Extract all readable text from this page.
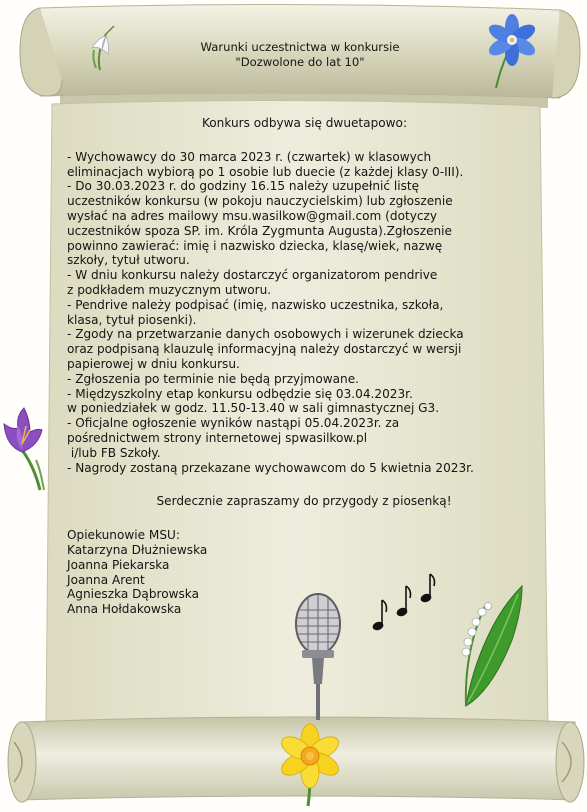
Warunki uczestnictwa w konkursie
"Dozwolone do lat 10"

Konkurs odbywa się dwuetapowo:

- Wychowawcy do 30 marca 2023 r. (czwartek) w klasowych
eliminacjach wybiorą po 1 osobie lub duecie (z każdej klasy 0-III).

- Do 30.03.2023 r. do godziny 16.15 należy uzupełnić listę
uczestników konkursu (w pokoju nauczycielskim) lub zgłoszenie
wysłać na adres mailowy msu.wasilkow@gmail.com (dotyczy
uczestników spoza SP. im. Króla Zygmunta Augusta).Zgłoszenie
powinno zawierać: imię i nazwisko dziecka, klasę/wiek, nazwę
szkoły, tytuł utworu.

- W dniu konkursu należy dostarczyć organizatorom pendrive
z podkładem muzycznym utworu.

- Pendrive należy podpisać (imię, nazwisko uczestnika, szkoła,
klasa, tytuł piosenki).

- Zgody na przetwarzanie danych osobowych i wizerunek dziecka
oraz podpisaną klauzulę informacyjną należy dostarczyć w wersji
papierowej w dniu konkursu.

- Zgłoszenia po terminie nie będą przyjmowane.

- Międzyszkolny etap konkursu odbędzie się 03.04.2023r.
w poniedziałek w godz. 11.50-13.40 w sali gimnastycznej G3.

- Oficjalne ogłoszenie wyników nastąpi 05.04.2023r. za
pośrednictwem strony internetowej spwasilkow.pl
i/lub FB Szkoły.

- Nagrody zostaną przekazane wychowawcom do 5 kwietnia 2023r.

Serdecznie zapraszamy do przygody z piosenką!

Opiekunowie MSU:
Katarzyna Dłużniewska
Joanna Piekarska
Joanna Arent
Agnieszka Dąbrowska
Anna Hołdakowska
